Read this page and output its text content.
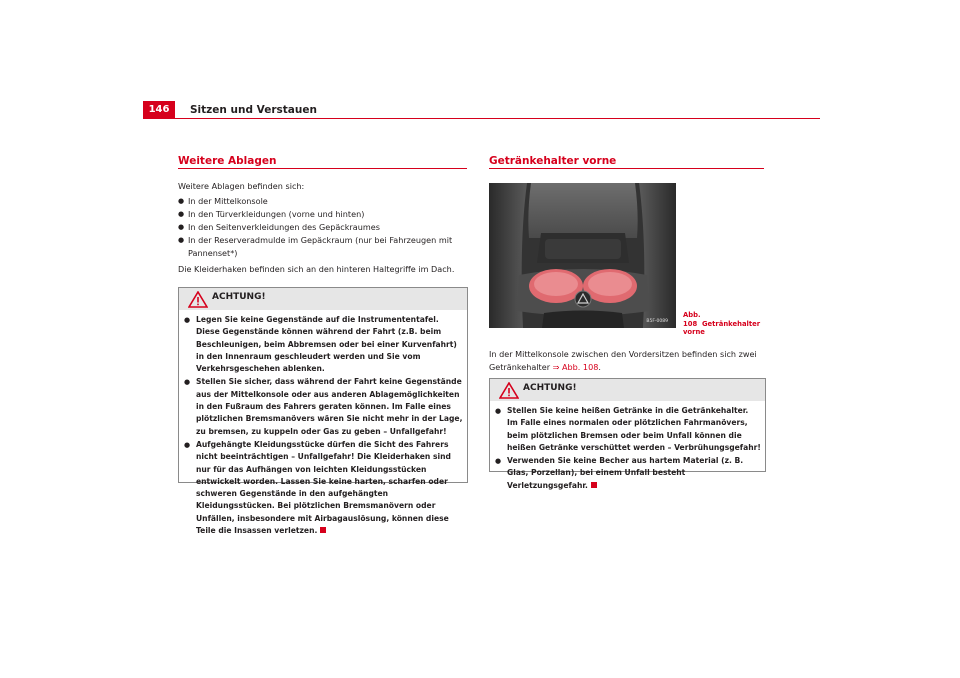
146	Sitzen und Verstauen
Weitere Ablagen
Weitere Ablagen befinden sich:
● In der Mittelkonsole
● In den Türverkleidungen (vorne und hinten)
● In den Seitenverkleidungen des Gepäckraumes
● In der Reserveradmulde im Gepäckraum (nur bei Fahrzeugen mit Pannenset*)
Die Kleiderhaken befinden sich an den hinteren Haltegriffe im Dach.
ACHTUNG!
● Legen Sie keine Gegenstände auf die Instrumententafel. Diese Gegenstände können während der Fahrt (z.B. beim Beschleunigen, beim Abbremsen oder bei einer Kurvenfahrt) in den Innenraum geschleudert werden und Sie vom Verkehrsgeschehen ablenken.
● Stellen Sie sicher, dass während der Fahrt keine Gegenstände aus der Mittelkonsole oder aus anderen Ablagemöglichkeiten in den Fußraum des Fahrers geraten können. Im Falle eines plötzlichen Bremsmanövers wären Sie nicht mehr in der Lage, zu bremsen, zu kuppeln oder Gas zu geben – Unfallgefahr!
● Aufgehängte Kleidungsstücke dürfen die Sicht des Fahrers nicht beeinträchtigen – Unfallgefahr! Die Kleiderhaken sind nur für das Aufhängen von leichten Kleidungsstücken entwickelt worden. Lassen Sie keine harten, scharfen oder schweren Gegenstände in den aufgehängten Kleidungsstücken. Bei plötzlichen Bremsmanövern oder Unfällen, insbesondere mit Airbagauslösung, können diese Teile die Insassen verletzen.
Getränkehalter vorne
B5F-0089
Abb. 108 Getränkehalter vorne
In der Mittelkonsole zwischen den Vordersitzen befinden sich zwei Getränkehalter ⇒ Abb. 108.
ACHTUNG!
● Stellen Sie keine heißen Getränke in die Getränkehalter. Im Falle eines normalen oder plötzlichen Fahrmanövers, beim plötzlichen Bremsen oder beim Unfall können die heißen Getränke verschüttet werden – Verbrühungsgefahr!
● Verwenden Sie keine Becher aus hartem Material (z. B. Glas, Porzellan), bei einem Unfall besteht Verletzungsgefahr.
